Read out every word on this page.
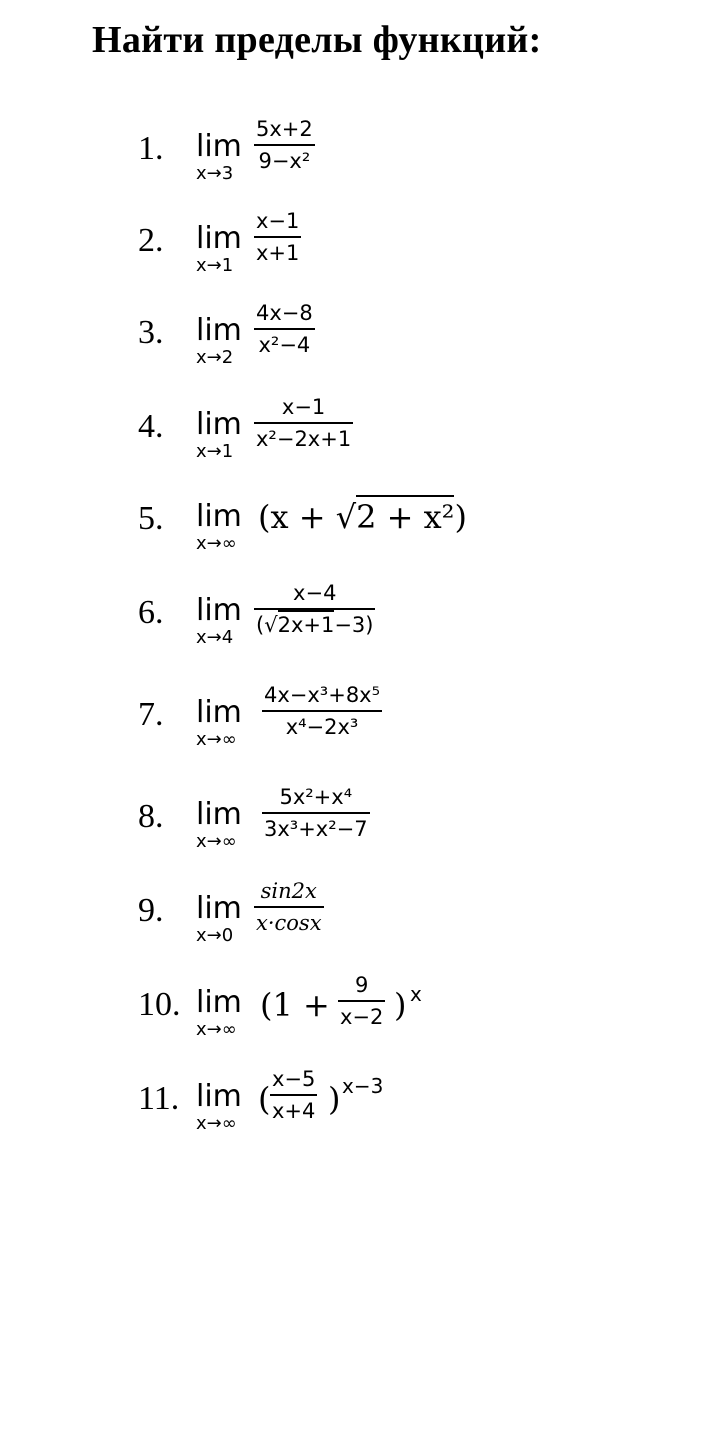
Найти пределы функций:
1. lim
x→3
5x+2
9−x²
2. lim
x→1
x−1
x+1
3. lim
x→2
4x−8
x²−4
4. lim
x→1
x−1
x²−2x+1
5. lim
x→∞
(x + √2 + x²)
6. lim
x→4
x−4
(√2x+1−3)
7. lim
x→∞
4x−x³+8x⁵
x⁴−2x³
8. lim
x→∞
5x²+x⁴
3x³+x²−7
9. lim
x→0
sin2x
x·cosx
10. lim
x→∞
(1 +
9
x−2 ) x
11. lim
x→∞
(
x−5
x+4 ) x−3
